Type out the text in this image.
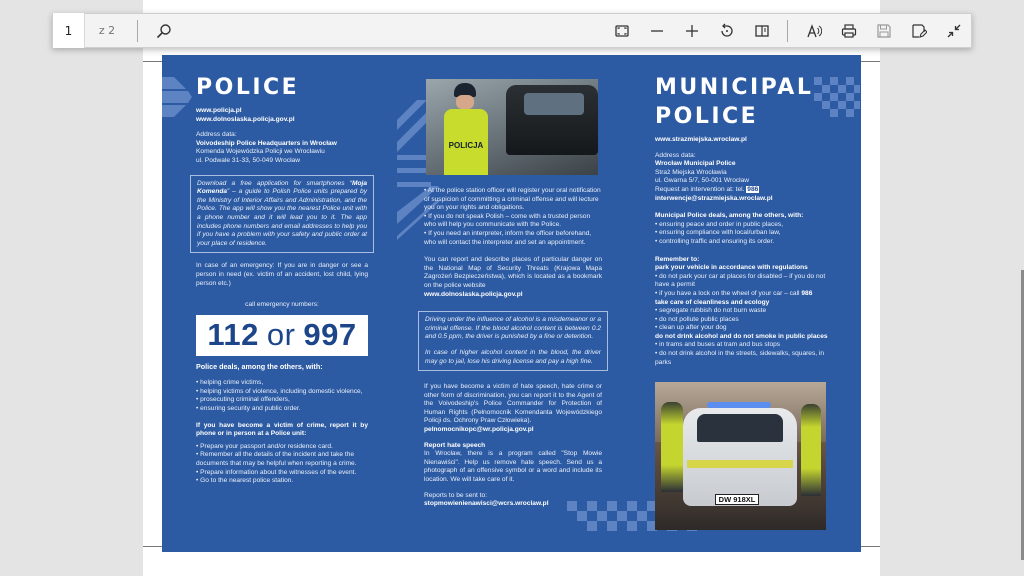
1	z 2
POLICE
www.policja.pl
www.dolnoslaska.policja.gov.pl
Address data:
Voivodeship Police Headquarters in Wrocław
Komenda Wojewódzka Policji we Wrocławiu
ul. Podwale 31-33, 50-049 Wrocław
Download a free application for smartphones “Moja Komenda” – a guide to Polish Police units prepared by the Ministry of Interior Affairs and Administration, and the Police. The app will show you the nearest Police unit with a phone number and it will lead you to it. The app includes phone numbers and email addresses to help you if you have a problem with your safety and public order at your place of residence.
In case of an emergency: If you are in danger or see a person in need (ex. victim of an accident, lost child, lying person etc.)
call emergency numbers:
112 or 997
Police deals, among the others, with:
• helping crime victims,
• helping victims of violence, including domestic violence,
• prosecuting criminal offenders,
• ensuring security and public order.
If you have become a victim of crime, report it by phone or in person at a Police unit:
• Prepare your passport and/or residence card.
• Remember all the details of the incident and take the documents that may be helpful when reporting a crime.
• Prepare information about the witnesses of the event.
• Go to the nearest police station.
POLICJA
• At the police station officer will register your oral notification of suspicion of committing a criminal offense and will lecture you on your rights and obligations.
• If you do not speak Polish – come with a trusted person who will help you communicate with the Police.
• If you need an interpreter, inform the officer beforehand, who will contact the interpreter and set an appointment.
You can report and describe places of particular danger on the National Map of Security Threats (Krajowa Mapa Zagrożeń Bezpieczeństwa), which is located as a bookmark on the police website
www.dolnoslaska.policja.gov.pl
Driving under the influence of alcohol is a misdemeanor or a criminal offense. If the blood alcohol content is between 0.2 and 0.5 ppm, the driver is punished by a fine or detention.
In case of higher alcohol content in the blood, the driver may go to jail, lose his driving license and pay a high fine.
If you have become a victim of hate speech, hate crime or other form of discrimination, you can report it to the Agent of the Voivodeship's Police Commander for Protection of Human Rights (Pełnomocnik Komendanta Wojewódzkiego Policji ds. Ochrony Praw Człowieka).
pelnomocnikopc@wr.policja.gov.pl
Report hate speech
In Wrocław, there is a program called "Stop Mowie Nienawiści". Help us remove hate speech. Send us a photograph of an offensive symbol or a word and include its location. We will take care of it.
Reports to be sent to:
stopmowienienawisci@wcrs.wroclaw.pl
MUNICIPAL
POLICE
www.strazmiejska.wroclaw.pl
Address data:
Wrocław Municipal Police
Straż Miejska Wrocławia
ul. Gwarna 5/7, 50-001 Wrocław
Request an intervention at: tel. 986
interwencje@strazmiejska.wroclaw.pl
Municipal Police deals, among the others, with:
• ensuring peace and order in public places,
• ensuring compliance with local/urban law,
• controlling traffic and ensuring its order.
Remember to:
park your vehicle in accordance with regulations
• do not park your car at places for disabled – if you do not have a permit
• if you have a lock on the wheel of your car – call 986
take care of cleanliness and ecology
• segregate rubbish do not burn waste
• do not pollute public places
• clean up after your dog
do not drink alcohol and do not smoke in public places
• in trams and buses at tram and bus stops
• do not drink alcohol in the streets, sidewalks, squares, in parks
DW 918XL
